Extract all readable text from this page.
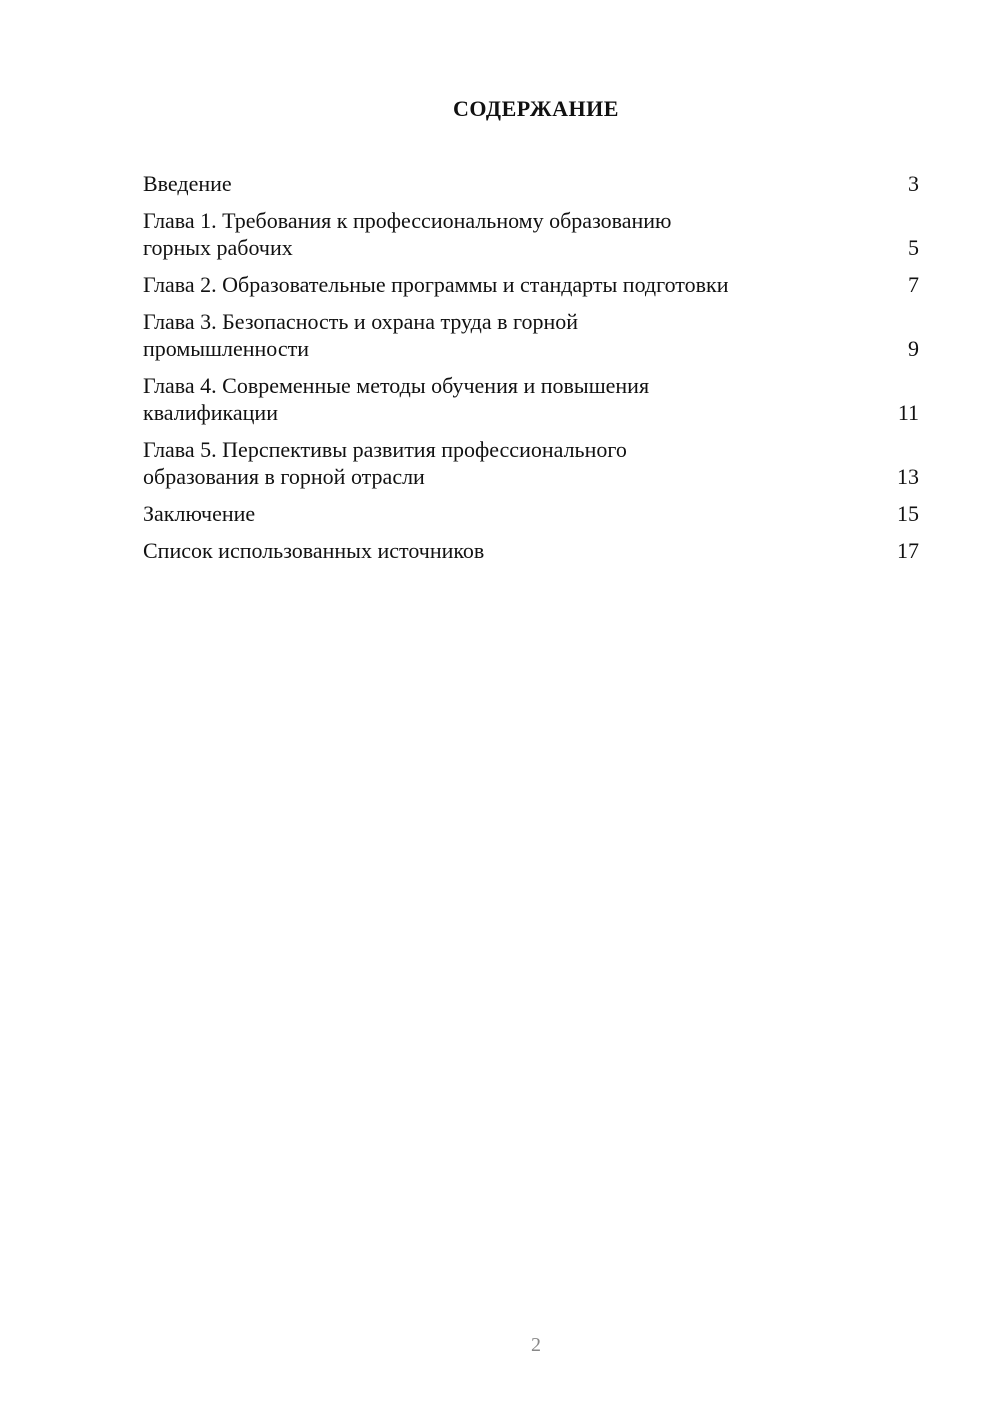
СОДЕРЖАНИЕ
Введение	3
Глава 1. Требования к профессиональному образованию
горных рабочих	5
Глава 2. Образовательные программы и стандарты подготовки	7
Глава 3. Безопасность и охрана труда в горной
промышленности	9
Глава 4. Современные методы обучения и повышения
квалификации	11
Глава 5. Перспективы развития профессионального
образования в горной отрасли	13
Заключение	15
Список использованных источников	17
2
